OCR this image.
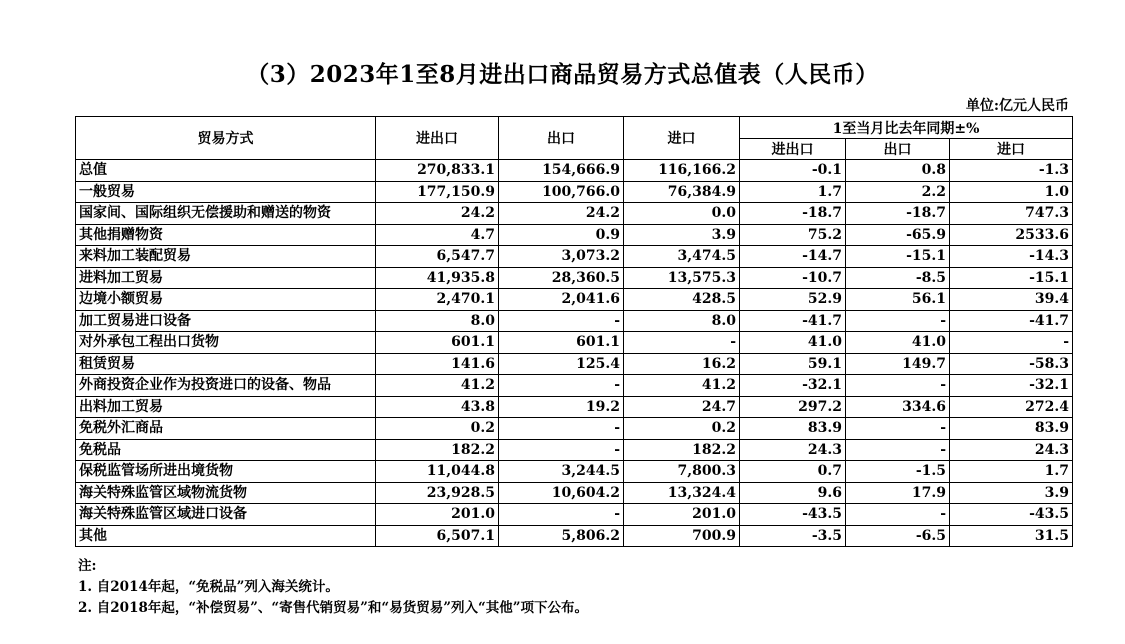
（3）2023年1至8月进出口商品贸易方式总值表（人民币）
单位:亿元人民币
贸易方式	进出口	出口	进口	1至当月比去年同期±%		
				进出口	出口	进口
总值	270,833.1	154,666.9	116,166.2	-0.1	0.8	-1.3
一般贸易	177,150.9	100,766.0	76,384.9	1.7	2.2	1.0
国家间、国际组织无偿援助和赠送的物资	24.2	24.2	0.0	-18.7	-18.7	747.3
其他捐赠物资	4.7	0.9	3.9	75.2	-65.9	2533.6
来料加工装配贸易	6,547.7	3,073.2	3,474.5	-14.7	-15.1	-14.3
进料加工贸易	41,935.8	28,360.5	13,575.3	-10.7	-8.5	-15.1
边境小额贸易	2,470.1	2,041.6	428.5	52.9	56.1	39.4
加工贸易进口设备	8.0	-	8.0	-41.7	-	-41.7
对外承包工程出口货物	601.1	601.1	-	41.0	41.0	-
租赁贸易	141.6	125.4	16.2	59.1	149.7	-58.3
外商投资企业作为投资进口的设备、物品	41.2	-	41.2	-32.1	-	-32.1
出料加工贸易	43.8	19.2	24.7	297.2	334.6	272.4
免税外汇商品	0.2	-	0.2	83.9	-	83.9
免税品	182.2	-	182.2	24.3	-	24.3
保税监管场所进出境货物	11,044.8	3,244.5	7,800.3	0.7	-1.5	1.7
海关特殊监管区域物流货物	23,928.5	10,604.2	13,324.4	9.6	17.9	3.9
海关特殊监管区域进口设备	201.0	-	201.0	-43.5	-	-43.5
其他	6,507.1	5,806.2	700.9	-3.5	-6.5	31.5
注:
1. 自2014年起，“免税品”列入海关统计。
2. 自2018年起，“补偿贸易”、“寄售代销贸易”和“易货贸易”列入“其他”项下公布。
